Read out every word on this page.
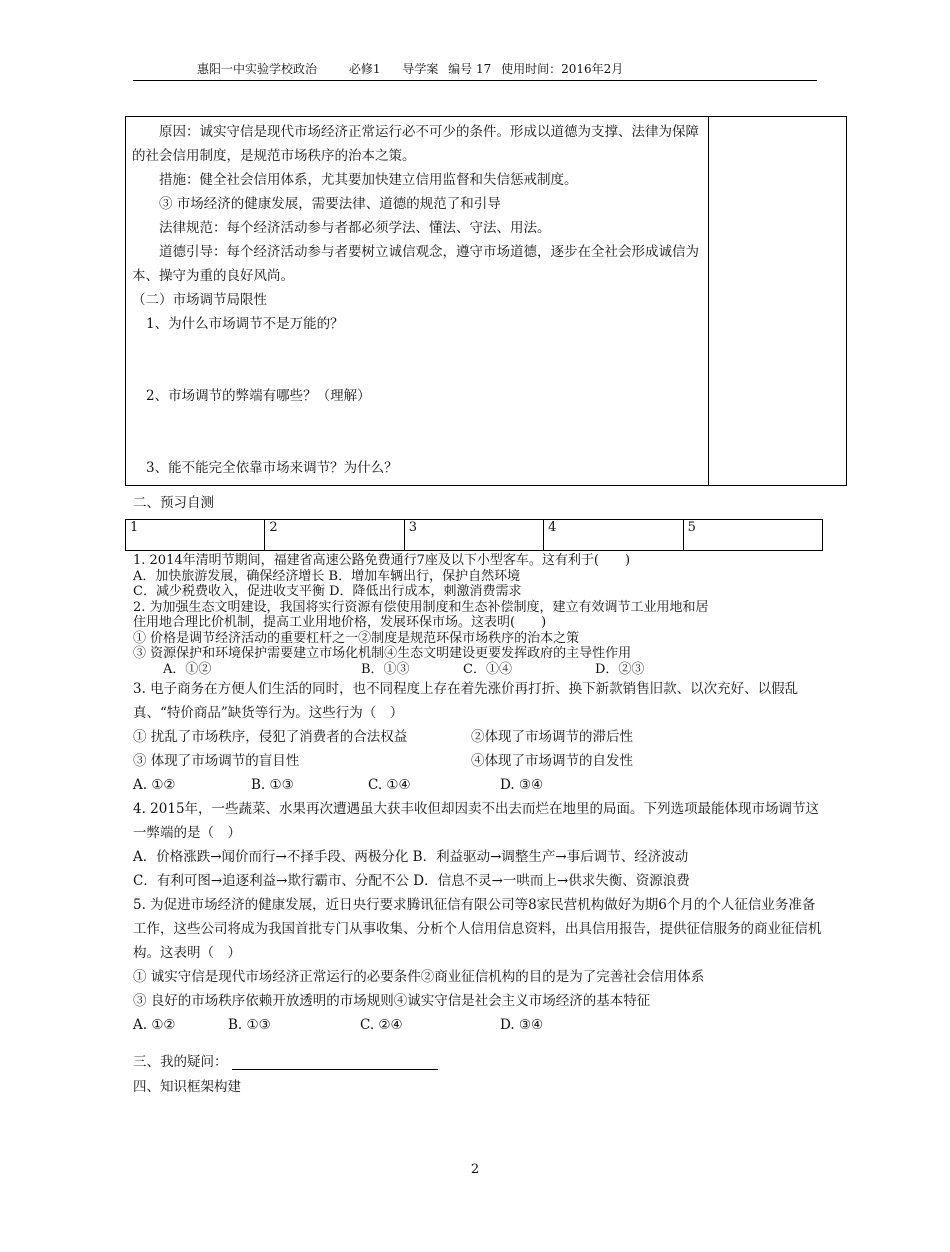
惠阳一中实验学校政治	必修1 导学案 编号 17 使用时间：2016年2月

原因：诚实守信是现代市场经济正常运行必不可少的条件。形成以道德为支撑、法律为保障的社会信用制度，是规范市场秩序的治本之策。

措施：健全社会信用体系，尤其要加快建立信用监督和失信惩戒制度。

③ 市场经济的健康发展，需要法律、道德的规范了和引导

法律规范：每个经济活动参与者都必须学法、懂法、守法、用法。

道德引导：每个经济活动参与者要树立诚信观念，遵守市场道德，逐步在全社会形成诚信为本、操守为重的良好风尚。

（二）市场调节局限性

1、为什么市场调节不是万能的？

2、市场调节的弊端有哪些？（理解）

3、能不能完全依靠市场来调节？为什么？

二、预习自测
1	2	3	4	5
1. 2014年清明节期间，福建省高速公路免费通行7座及以下小型客车。这有利于(　　)
A．加快旅游发展，确保经济增长 B．增加车辆出行，保护自然环境
C．减少税费收入，促进收支平衡 D．降低出行成本，刺激消费需求
2. 为加强生态文明建设，我国将实行资源有偿使用制度和生态补偿制度，建立有效调节工业用地和居
住用地合理比价机制，提高工业用地价格，发展环保市场。这表明(　　)
① 价格是调节经济活动的重要杠杆之一②制度是规范环保市场秩序的治本之策
③ 资源保护和环境保护需要建立市场化机制④生态文明建设更要发挥政府的主导性作用
A．①②	B．①③	C．①④	D．②③
3. 电子商务在方便人们生活的同时，也不同程度上存在着先涨价再打折、换下新款销售旧款、以次充好、以假乱真、“特价商品”缺货等行为。这些行为（　）
① 扰乱了市场秩序，侵犯了消费者的合法权益	②体现了市场调节的滞后性
③ 体现了市场调节的盲目性	④体现了市场调节的自发性
A. ①②	B. ①③	C. ①④	D. ③④
4. 2015年，一些蔬菜、水果再次遭遇虽大获丰收但却因卖不出去而烂在地里的局面。下列选项最能体现市场调节这一弊端的是（　）
A．价格涨跌→闻价而行→不择手段、两极分化 B．利益驱动→调整生产→事后调节、经济波动
C．有利可图→追逐利益→欺行霸市、分配不公 D．信息不灵→一哄而上→供求失衡、资源浪费
5. 为促进市场经济的健康发展，近日央行要求腾讯征信有限公司等8家民营机构做好为期6个月的个人征信业务准备工作，这些公司将成为我国首批专门从事收集、分析个人信用信息资料，出具信用报告，提供征信服务的商业征信机构。这表明（　）
① 诚实守信是现代市场经济正常运行的必要条件②商业征信机构的目的是为了完善社会信用体系
③ 良好的市场秩序依赖开放透明的市场规则④诚实守信是社会主义市场经济的基本特征
A. ①②	B. ①③	C. ②④	D. ③④
三、我的疑问：
四、知识框架构建
2
